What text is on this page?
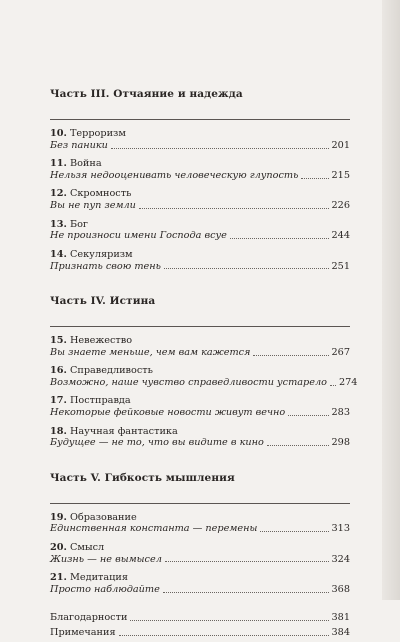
Часть III. Отчаяние и надежда
10. Терроризм
Без паники	201
11. Война
Нельзя недооценивать человеческую глупость	215
12. Скромность
Вы не пуп земли	226
13. Бог
Не произноси имени Господа всуе	244
14. Секуляризм
Признать свою тень	251
Часть IV. Истина
15. Невежество
Вы знаете меньше, чем вам кажется	267
16. Справедливость
Возможно, наше чувство справедливости устарело 274
17. Постправда
Некоторые фейковые новости живут вечно	283
18. Научная фантастика
Будущее — не то, что вы видите в кино	298
Часть V. Гибкость мышления
19. Образование
Единственная константа — перемены	313
20. Смысл
Жизнь — не вымысел	324
21. Медитация
Просто наблюдайте	368
Благодарности	381
Примечания	384
